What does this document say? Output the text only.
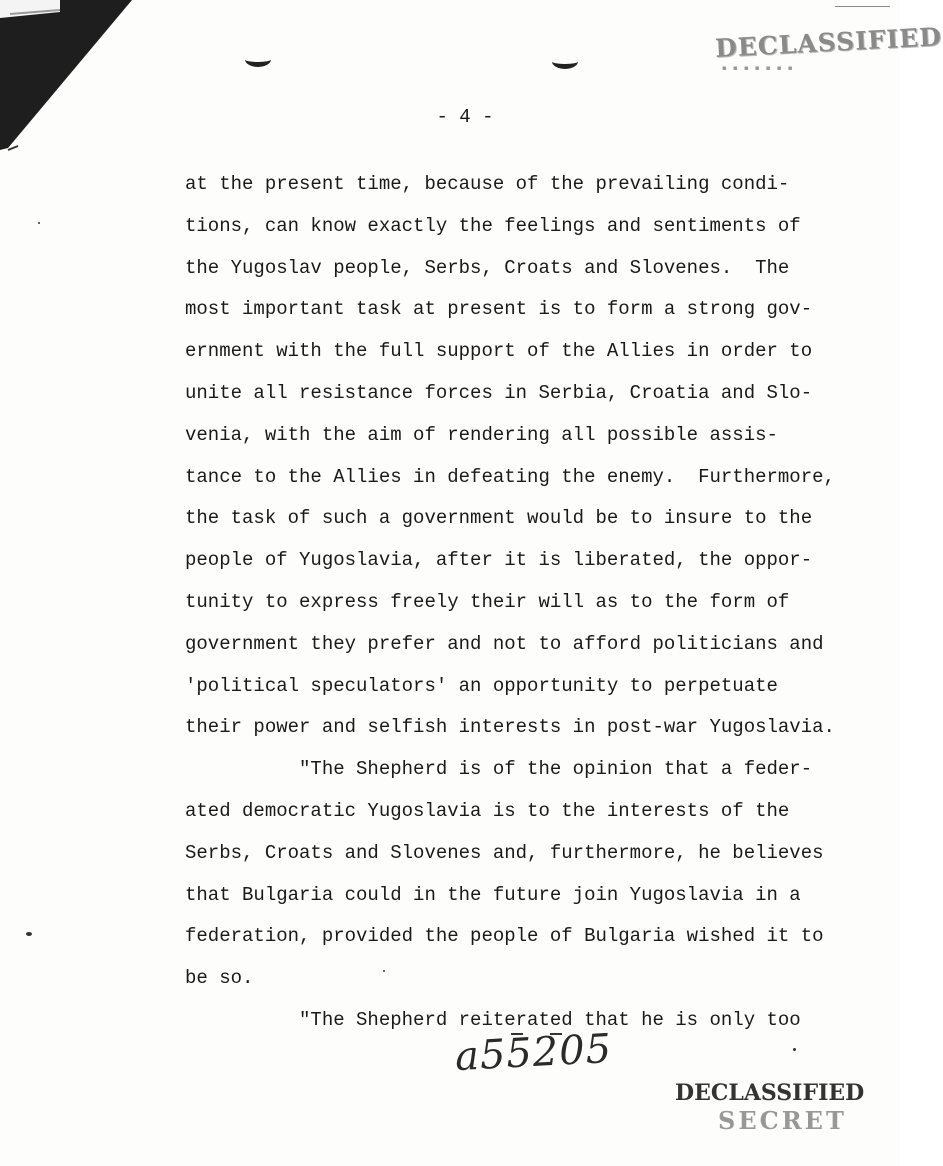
DECLASSIFIED
▪ ▪ ▪ ▪ ▪ ▪ ▪
- 4 -
at the present time, because of the prevailing condi-
tions, can know exactly the feelings and sentiments of
the Yugoslav people, Serbs, Croats and Slovenes.  The
most important task at present is to form a strong gov-
ernment with the full support of the Allies in order to
unite all resistance forces in Serbia, Croatia and Slo-
venia, with the aim of rendering all possible assis-
tance to the Allies in defeating the enemy.  Furthermore,
the task of such a government would be to insure to the
people of Yugoslavia, after it is liberated, the oppor-
tunity to express freely their will as to the form of
government they prefer and not to afford politicians and
'political speculators' an opportunity to perpetuate
their power and selfish interests in post-war Yugoslavia.
"The Shepherd is of the opinion that a feder-
ated democratic Yugoslavia is to the interests of the
Serbs, Croats and Slovenes and, furthermore, he believes
that Bulgaria could in the future join Yugoslavia in a
federation, provided the people of Bulgaria wished it to
be so.
"The Shepherd reiterated that he is only too
a55205
DECLASSIFIED
SECRET
